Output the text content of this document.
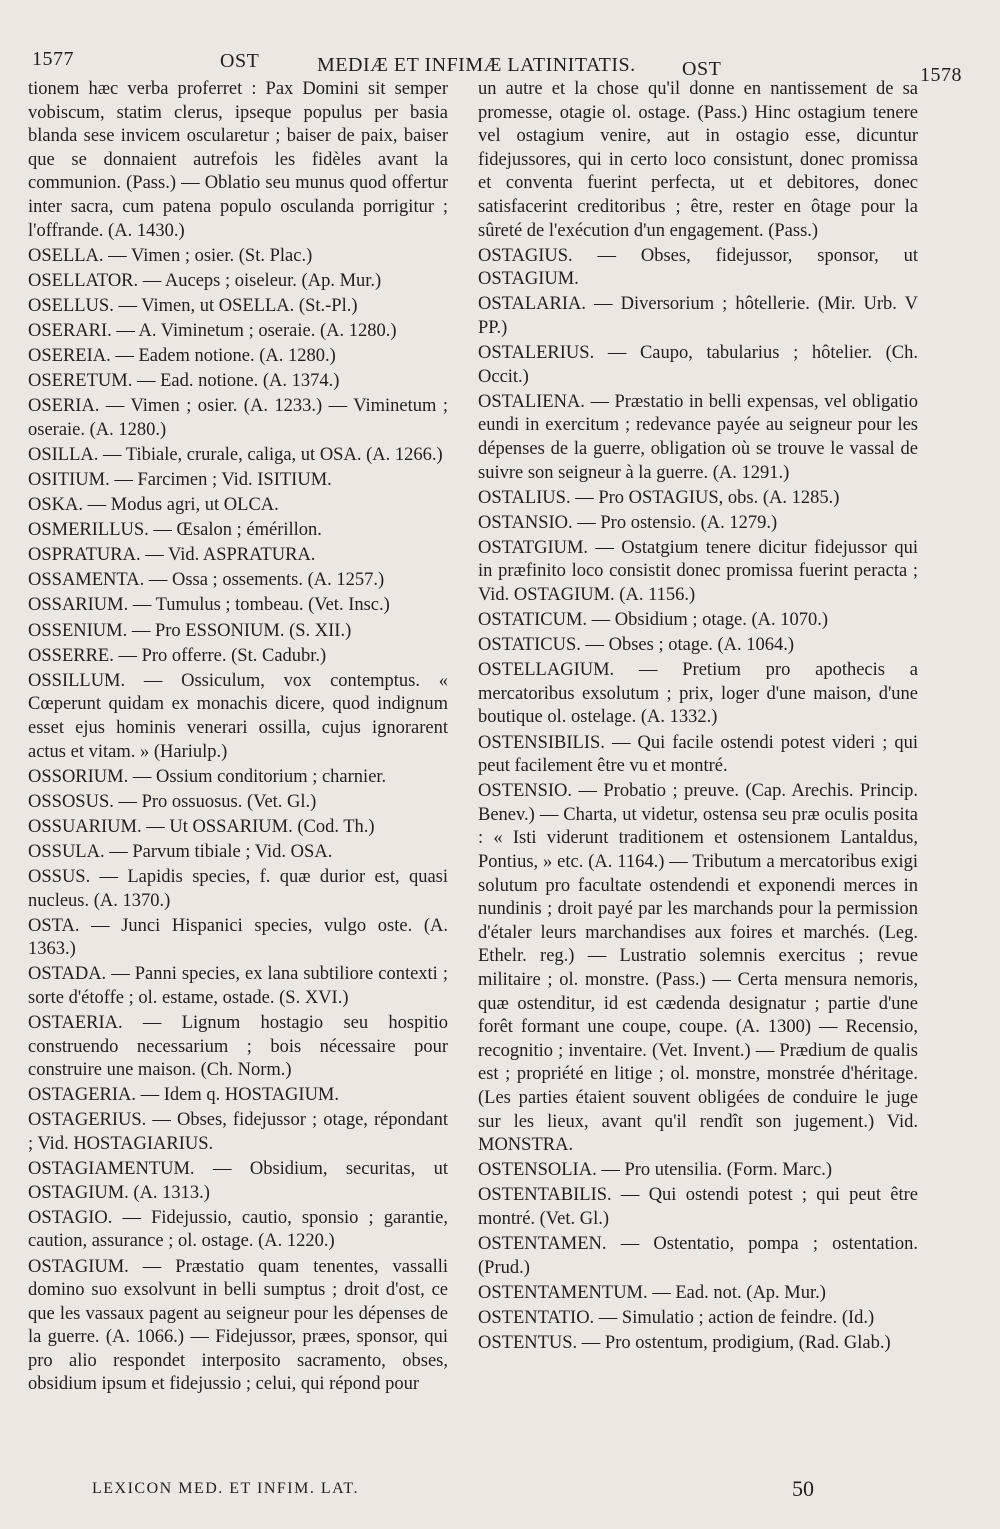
1577	OST	MEDIÆ ET INFIMÆ LATINITATIS. OST	1578

tionem hæc verba proferret : Pax Domini sit semper vobiscum, statim clerus, ipseque populus per basia blanda sese invicem oscularetur ; baiser de paix, baiser que se donnaient autrefois les fidèles avant la communion. (Pass.) — Oblatio seu munus quod offertur inter sacra, cum patena populo osculanda porrigitur ; l'offrande. (A. 1430.)

OSELLA. — Vimen ; osier. (St. Plac.)

OSELLATOR. — Auceps ; oiseleur. (Ap. Mur.)

OSELLUS. — Vimen, ut OSELLA. (St.-Pl.)

OSERARI. — A. Viminetum ; oseraie. (A. 1280.)

OSEREIA. — Eadem notione. (A. 1280.)

OSERETUM. — Ead. notione. (A. 1374.)

OSERIA. — Vimen ; osier. (A. 1233.) — Viminetum ; oseraie. (A. 1280.)

OSILLA. — Tibiale, crurale, caliga, ut OSA. (A. 1266.)

OSITIUM. — Farcimen ; Vid. ISITIUM.

OSKA. — Modus agri, ut OLCA.

OSMERILLUS. — Œsalon ; émérillon.

OSPRATURA. — Vid. ASPRATURA.

OSSAMENTA. — Ossa ; ossements. (A. 1257.)

OSSARIUM. — Tumulus ; tombeau. (Vet. Insc.)

OSSENIUM. — Pro ESSONIUM. (S. XII.)

OSSERRE. — Pro offerre. (St. Cadubr.)

OSSILLUM. — Ossiculum, vox contemptus. « Cœperunt quidam ex monachis dicere, quod indignum esset ejus hominis venerari ossilla, cujus ignorarent actus et vitam. » (Hariulp.)

OSSORIUM. — Ossium conditorium ; charnier.

OSSOSUS. — Pro ossuosus. (Vet. Gl.)

OSSUARIUM. — Ut OSSARIUM. (Cod. Th.)

OSSULA. — Parvum tibiale ; Vid. OSA.

OSSUS. — Lapidis species, f. quæ durior est, quasi nucleus. (A. 1370.)

OSTA. — Junci Hispanici species, vulgo oste. (A. 1363.)

OSTADA. — Panni species, ex lana subtiliore contexti ; sorte d'étoffe ; ol. estame, ostade. (S. XVI.)

OSTAERIA. — Lignum hostagio seu hospitio construendo necessarium ; bois nécessaire pour construire une maison. (Ch. Norm.)

OSTAGERIA. — Idem q. HOSTAGIUM.

OSTAGERIUS. — Obses, fidejussor ; otage, répondant ; Vid. HOSTAGIARIUS.

OSTAGIAMENTUM. — Obsidium, securitas, ut OSTAGIUM. (A. 1313.)

OSTAGIO. — Fidejussio, cautio, sponsio ; garantie, caution, assurance ; ol. ostage. (A. 1220.)

OSTAGIUM. — Præstatio quam tenentes, vassalli domino suo exsolvunt in belli sumptus ; droit d'ost, ce que les vassaux pagent au seigneur pour les dépenses de la guerre. (A. 1066.) — Fidejussor, præes, sponsor, qui pro alio respondet interposito sacramento, obses, obsidium ipsum et fidejussio ; celui, qui répond pour

un autre et la chose qu'il donne en nantissement de sa promesse, otagie ol. ostage. (Pass.) Hinc ostagium tenere vel ostagium venire, aut in ostagio esse, dicuntur fidejussores, qui in certo loco consistunt, donec promissa et conventa fuerint perfecta, ut et debitores, donec satisfacerint creditoribus ; être, rester en ôtage pour la sûreté de l'exécution d'un engagement. (Pass.)

OSTAGIUS. — Obses, fidejussor, sponsor, ut OSTAGIUM.

OSTALARIA. — Diversorium ; hôtellerie. (Mir. Urb. V PP.)

OSTALERIUS. — Caupo, tabularius ; hôtelier. (Ch. Occit.)

OSTALIENA. — Præstatio in belli expensas, vel obligatio eundi in exercitum ; redevance payée au seigneur pour les dépenses de la guerre, obligation où se trouve le vassal de suivre son seigneur à la guerre. (A. 1291.)

OSTALIUS. — Pro OSTAGIUS, obs. (A. 1285.)

OSTANSIO. — Pro ostensio. (A. 1279.)

OSTATGIUM. — Ostatgium tenere dicitur fidejussor qui in præfinito loco consistit donec promissa fuerint peracta ; Vid. OSTAGIUM. (A. 1156.)

OSTATICUM. — Obsidium ; otage. (A. 1070.)

OSTATICUS. — Obses ; otage. (A. 1064.)

OSTELLAGIUM. — Pretium pro apothecis a mercatoribus exsolutum ; prix, loger d'une maison, d'une boutique ol. ostelage. (A. 1332.)

OSTENSIBILIS. — Qui facile ostendi potest videri ; qui peut facilement être vu et montré.

OSTENSIO. — Probatio ; preuve. (Cap. Arechis. Princip. Benev.) — Charta, ut videtur, ostensa seu præ oculis posita : « Isti viderunt traditionem et ostensionem Lantaldus, Pontius, » etc. (A. 1164.) — Tributum a mercatoribus exigi solutum pro facultate ostendendi et exponendi merces in nundinis ; droit payé par les marchands pour la permission d'étaler leurs marchandises aux foires et marchés. (Leg. Ethelr. reg.) — Lustratio solemnis exercitus ; revue militaire ; ol. monstre. (Pass.) — Certa mensura nemoris, quæ ostenditur, id est cædenda designatur ; partie d'une forêt formant une coupe, coupe. (A. 1300) — Recensio, recognitio ; inventaire. (Vet. Invent.) — Prædium de qualis est ; propriété en litige ; ol. monstre, monstrée d'héritage. (Les parties étaient souvent obligées de conduire le juge sur les lieux, avant qu'il rendît son jugement.) Vid. MONSTRA.

OSTENSOLIA. — Pro utensilia. (Form. Marc.)

OSTENTABILIS. — Qui ostendi potest ; qui peut être montré. (Vet. Gl.)

OSTENTAMEN. — Ostentatio, pompa ; ostentation. (Prud.)

OSTENTAMENTUM. — Ead. not. (Ap. Mur.)

OSTENTATIO. — Simulatio ; action de feindre. (Id.)

OSTENTUS. — Pro ostentum, prodigium, (Rad. Glab.)

LEXICON MED. ET INFIM. LAT.	50
